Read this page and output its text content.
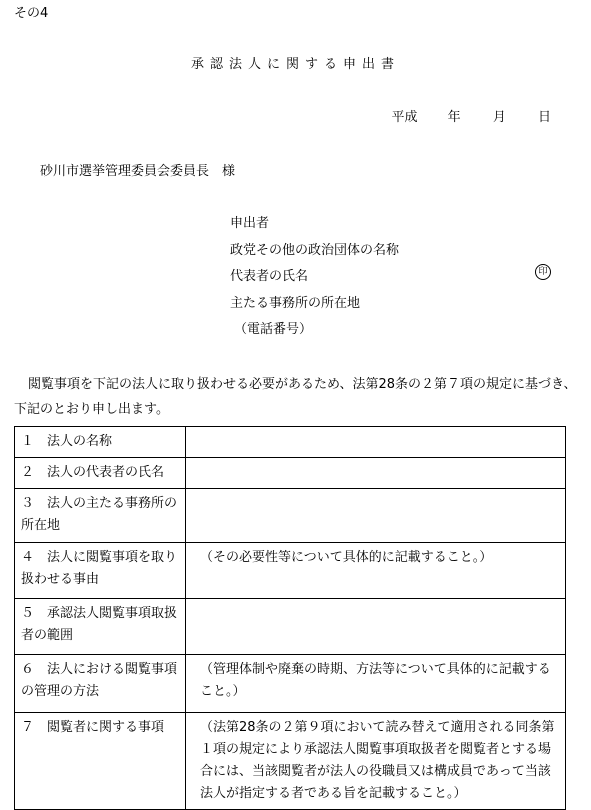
その4
承認法人に関する申出書
平成 年 月 日
砂川市選挙管理委員会委員長　様
申出者
政党その他の政治団体の名称
代表者の氏名	印
主たる事務所の所在地
（電話番号）
閲覧事項を下記の法人に取り扱わせる必要があるため、法第28条の２第７項の規定に基づき、下記のとおり申し出ます。
１　法人の名称	
２　法人の代表者の氏名	
３　法人の主たる事務所の所在地	
４　法人に閲覧事項を取り扱わせる事由	（その必要性等について具体的に記載すること。）
５　承認法人閲覧事項取扱者の範囲	
６　法人における閲覧事項の管理の方法	（管理体制や廃棄の時期、方法等について具体的に記載すること。）
７　閲覧者に関する事項	（法第28条の２第９項において読み替えて適用される同条第１項の規定により承認法人閲覧事項取扱者を閲覧者とする場合には、当該閲覧者が法人の役職員又は構成員であって当該法人が指定する者である旨を記載すること。）
